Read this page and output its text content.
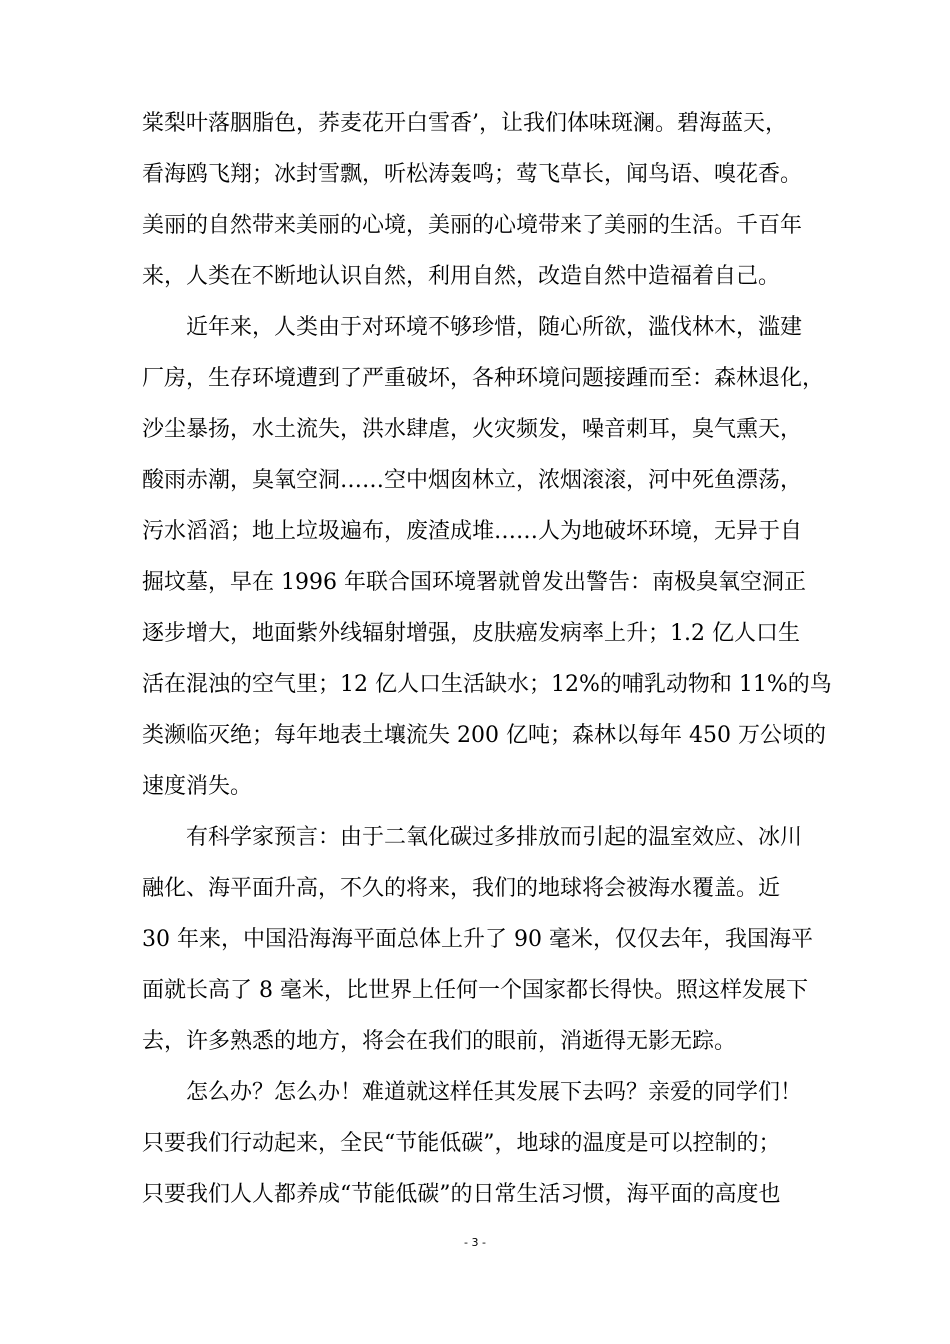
棠梨叶落胭脂色，荞麦花开白雪香’，让我们体味斑澜。碧海蓝天，
看海鸥飞翔；冰封雪飘，听松涛轰鸣；莺飞草长，闻鸟语、嗅花香。
美丽的自然带来美丽的心境，美丽的心境带来了美丽的生活。千百年
来，人类在不断地认识自然，利用自然，改造自然中造福着自己。
　　近年来，人类由于对环境不够珍惜，随心所欲，滥伐林木，滥建
厂房，生存环境遭到了严重破坏，各种环境问题接踵而至：森林退化，
沙尘暴扬，水土流失，洪水肆虐，火灾频发，噪音刺耳，臭气熏天，
酸雨赤潮，臭氧空洞……空中烟囱林立，浓烟滚滚，河中死鱼漂荡，
污水滔滔；地上垃圾遍布，废渣成堆……人为地破坏环境，无异于自
掘坟墓，早在 1996 年联合国环境署就曾发出警告：南极臭氧空洞正
逐步增大，地面紫外线辐射增强，皮肤癌发病率上升；1.2 亿人口生
活在混浊的空气里；12 亿人口生活缺水；12%的哺乳动物和 11%的鸟
类濒临灭绝；每年地表土壤流失 200 亿吨；森林以每年 450 万公顷的
速度消失。
　　有科学家预言：由于二氧化碳过多排放而引起的温室效应、冰川
融化、海平面升高，不久的将来，我们的地球将会被海水覆盖。近
30 年来，中国沿海海平面总体上升了 90 毫米，仅仅去年，我国海平
面就长高了 8 毫米，比世界上任何一个国家都长得快。照这样发展下
去，许多熟悉的地方，将会在我们的眼前，消逝得无影无踪。
　　怎么办？怎么办！难道就这样任其发展下去吗？亲爱的同学们！
只要我们行动起来，全民“节能低碳”，地球的温度是可以控制的；
只要我们人人都养成“节能低碳”的日常生活习惯，海平面的高度也
- 3 -
